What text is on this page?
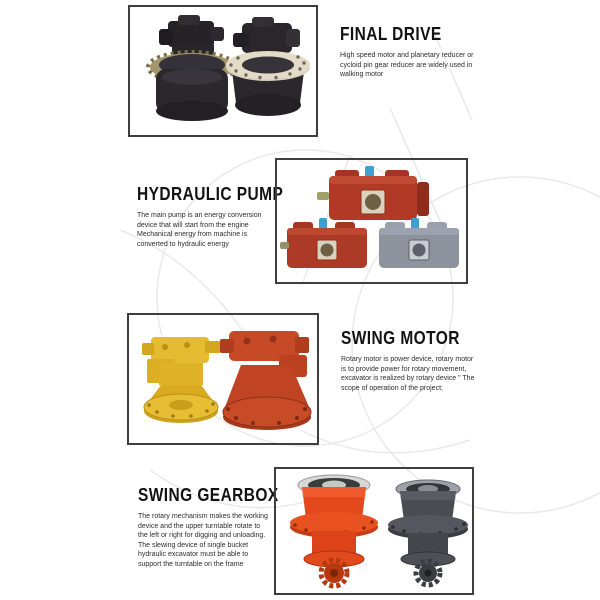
FINAL DRIVE

High speed motor and planetary reducer or cycloid pin gear reducer are widely used in walking motor

HYDRAULIC PUMP

The main pump is an energy conversion device that will start from the engine Mechanical energy from machine is converted to hydraulic energy

SWING MOTOR

Rotary motor is power device, rotary motor is to provide power for rotary movement, excavator is realized by rotary device " The scope of operation of the project;

SWING GEARBOX

The rotary mechanism makes the working device and the upper turntable rotate to the left or right for digging and unloading. The slewing device of single bucket hydraulic excavator must be able to support the turntable on the frame
